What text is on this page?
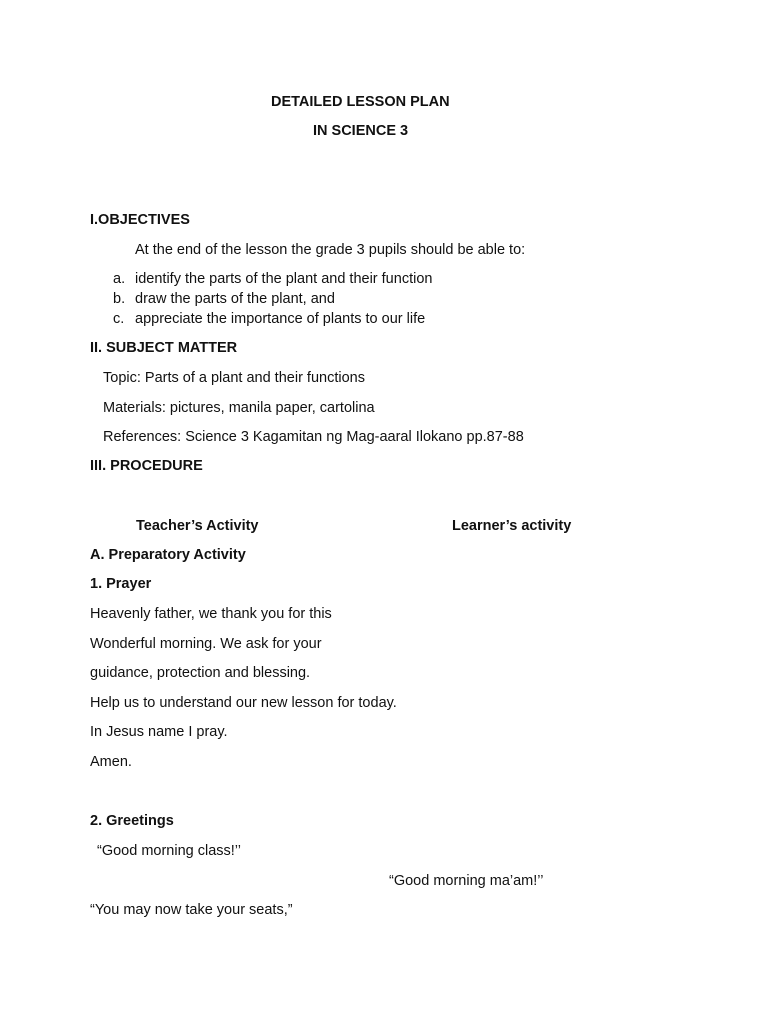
DETAILED LESSON PLAN

IN SCIENCE 3

I.OBJECTIVES

At the end of the lesson the grade 3 pupils should be able to:

a. identify the parts of the plant and their function
b. draw the parts of the plant, and
c. appreciate the importance of plants to our life

II. SUBJECT MATTER

Topic: Parts of a plant and their functions

Materials: pictures, manila paper, cartolina

References: Science 3 Kagamitan ng Mag-aaral Ilokano pp.87-88

III. PROCEDURE

Teacher’s Activity	Learner’s activity

A. Preparatory Activity

1. Prayer

Heavenly father, we thank you for this

Wonderful morning. We ask for your

guidance, protection and blessing.

Help us to understand our new lesson for today.

In Jesus name I pray.

Amen.

2. Greetings

“Good morning class!’’

“Good morning ma’am!’’

“You may now take your seats,”
